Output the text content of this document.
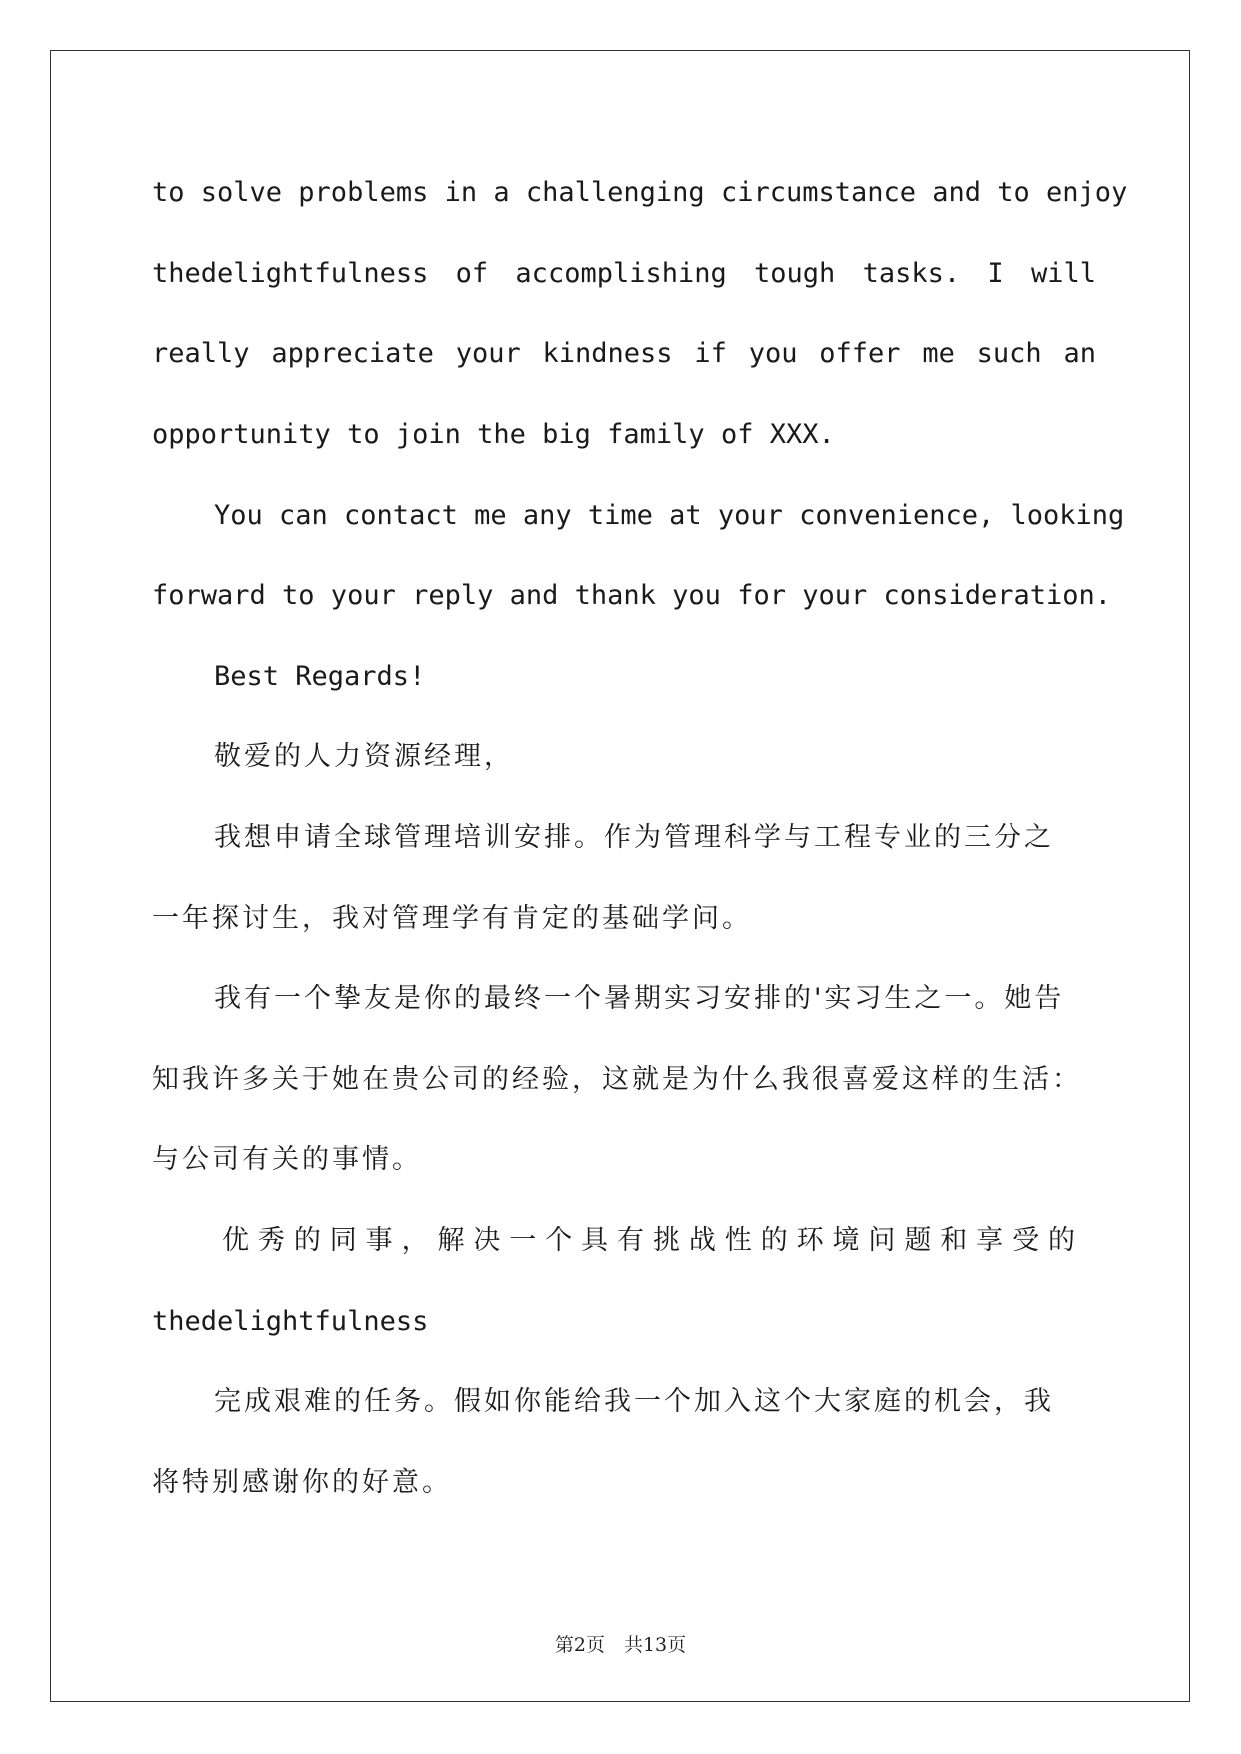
to solve problems in a challenging circumstance and to enjoy
thedelightfulness of accomplishing tough tasks. I will
really appreciate your kindness if you offer me such an
opportunity to join the big family of XXX.
You can contact me any time at your convenience, looking
forward to your reply and thank you for your consideration.
Best Regards!
敬爱的人力资源经理，
我想申请全球管理培训安排。作为管理科学与工程专业的三分之
一年探讨生，我对管理学有肯定的基础学问。
我有一个挚友是你的最终一个暑期实习安排的'实习生之一。她告
知我许多关于她在贵公司的经验，这就是为什么我很喜爱这样的生活：
与公司有关的事情。
优秀的同事，解决一个具有挑战性的环境问题和享受的
thedelightfulness
完成艰难的任务。假如你能给我一个加入这个大家庭的机会，我
将特别感谢你的好意。
第2页　共13页
